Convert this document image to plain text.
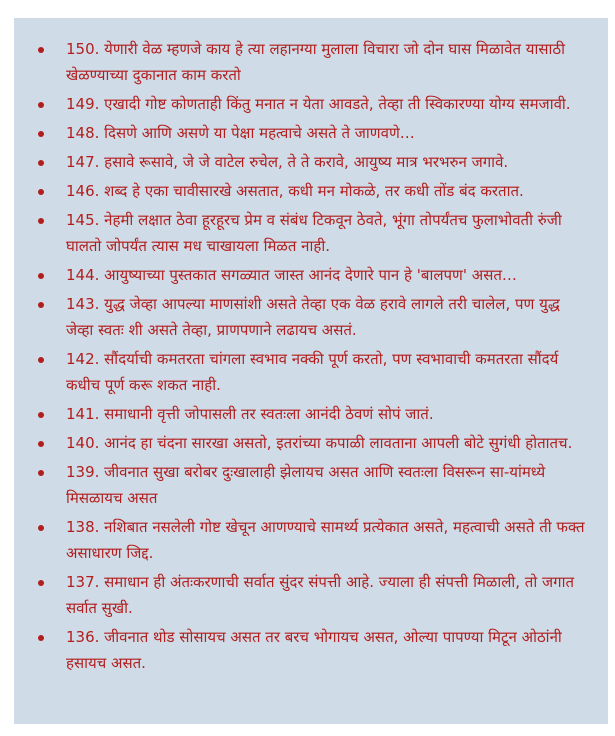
150. येणारी वेळ म्हणजे काय हे त्या लहानग्या मुलाला विचारा जो दोन घास मिळावेत यासाठी खेळण्याच्या दुकानात काम करतो
149. एखादी गोष्ट कोणताही किंतु मनात न येता आवडते, तेव्हा ती स्विकारण्या योग्य समजावी.
148. दिसणे आणि असणे या पेक्षा महत्वाचे असते ते जाणवणे…
147. हसावे रूसावे, जे जे वाटेल रुचेल, ते ते करावे, आयुष्य मात्र भरभरुन जगावे.
146. शब्द हे एका चावीसारखे असतात, कधी मन मोकळे, तर कधी तोंड बंद करतात.
145. नेहमी लक्षात ठेवा हूरहूरच प्रेम व संबंध टिकवून ठेवते, भूंगा तोपर्यंतच फुलाभोवती रुंजी घालतो जोपर्यंत त्यास मध चाखायला मिळत नाही.
144. आयुष्याच्या पुस्तकात सगळ्यात जास्त आनंद देणारे पान हे 'बालपण' असत…
143. युद्ध जेव्हा आपल्या माणसांशी असते तेव्हा एक वेळ हरावे लागले तरी चालेल, पण युद्ध जेव्हा स्वतः शी असते तेव्हा, प्राणपणाने लढायच असतं.
142. सौंदर्याची कमतरता चांगला स्वभाव नक्की पूर्ण करतो, पण स्वभावाची कमतरता सौंदर्य कधीच पूर्ण करू शकत नाही.
141. समाधानी वृत्ती जोपासली तर स्वतःला आनंदी ठेवणं सोपं जातं.
140. आनंद हा चंदना सारखा असतो, इतरांच्या कपाळी लावताना आपली बोटे सुगंधी होतातच.
139. जीवनात सुखा बरोबर दुःखालाही झेलायच असत आणि स्वतःला विसरून सा-यांमध्ये मिसळायच असत
138. नशिबात नसलेली गोष्ट खेचून आणण्याचे सामर्थ्य प्रत्येकात असते, महत्वाची असते ती फक्त असाधारण जिद्द.
137. समाधान ही अंतःकरणाची सर्वात सुंदर संपत्ती आहे. ज्याला ही संपत्ती मिळाली, तो जगात सर्वात सुखी.
136. जीवनात थोड सोसायच असत तर बरच भोगायच असत, ओल्या पापण्या मिटून ओठांनी हसायच असत.
